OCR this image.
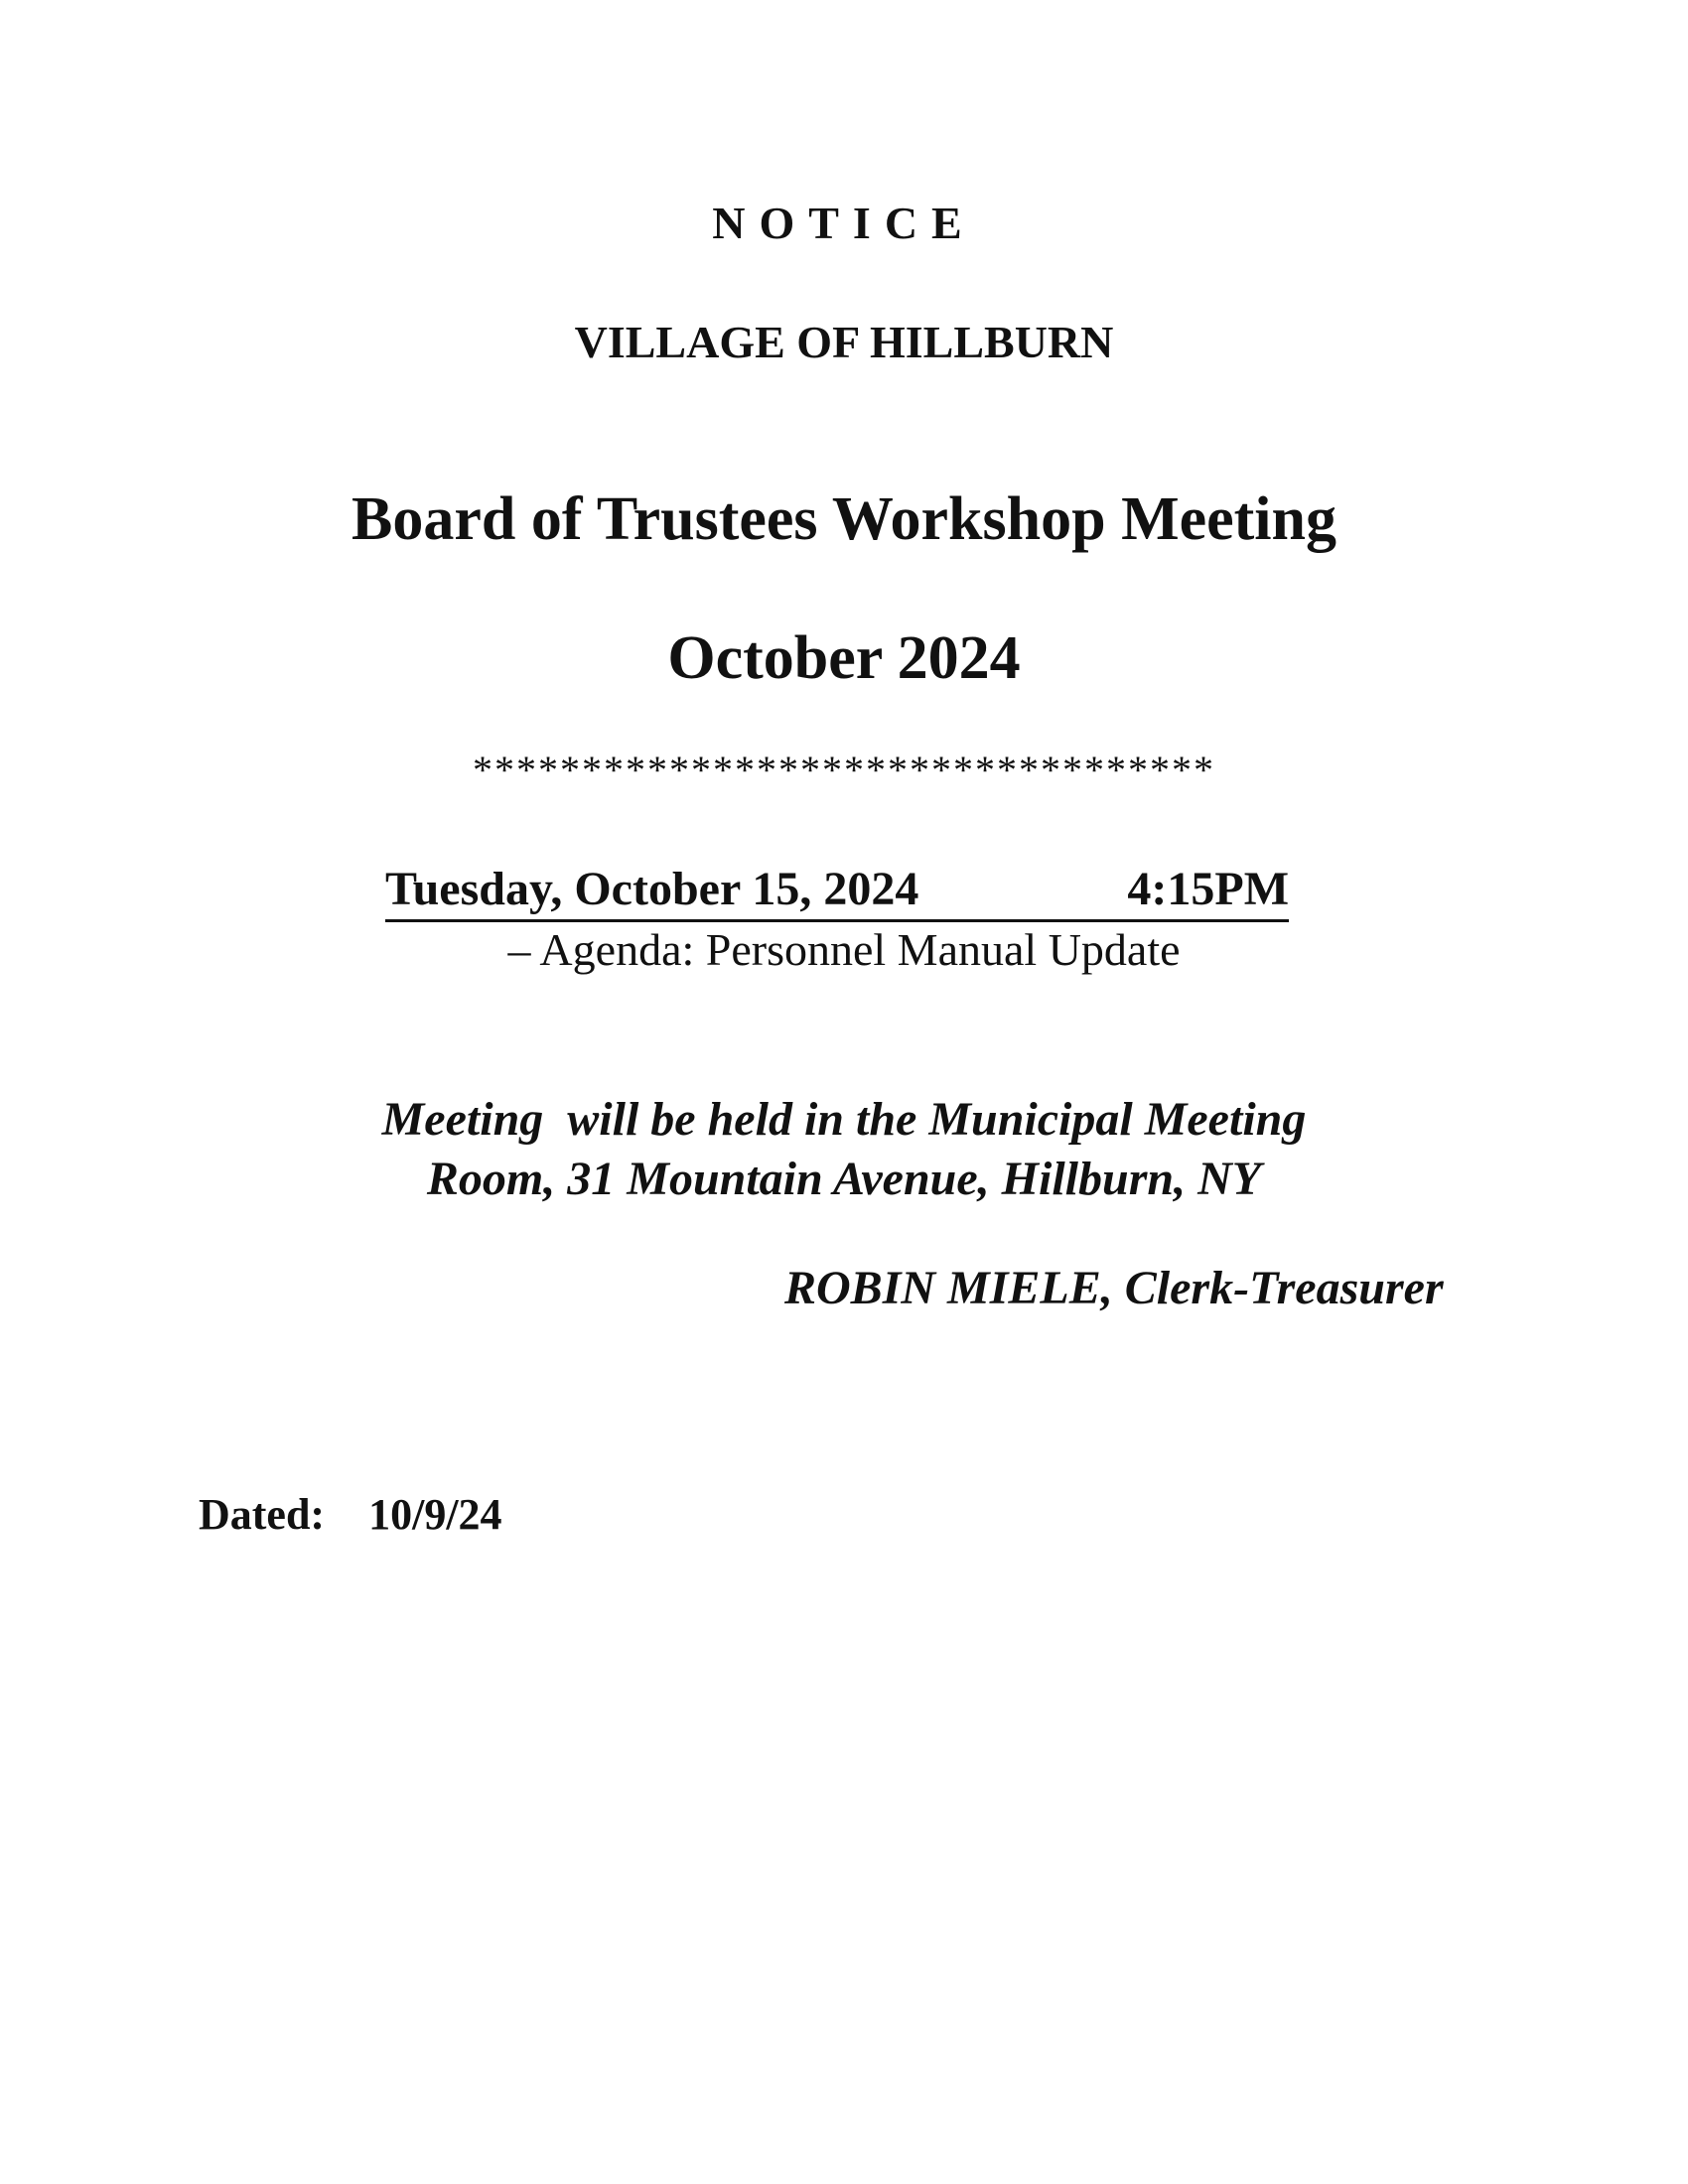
NOTICE
VILLAGE OF HILLBURN
Board of Trustees Workshop Meeting
October 2024
**********************************
Tuesday, October 15, 2024	4:15PM
– Agenda: Personnel Manual Update
Meeting  will be held in the Municipal Meeting
Room, 31 Mountain Avenue, Hillburn, NY
ROBIN MIELE, Clerk-Treasurer
Dated: 10/9/24
